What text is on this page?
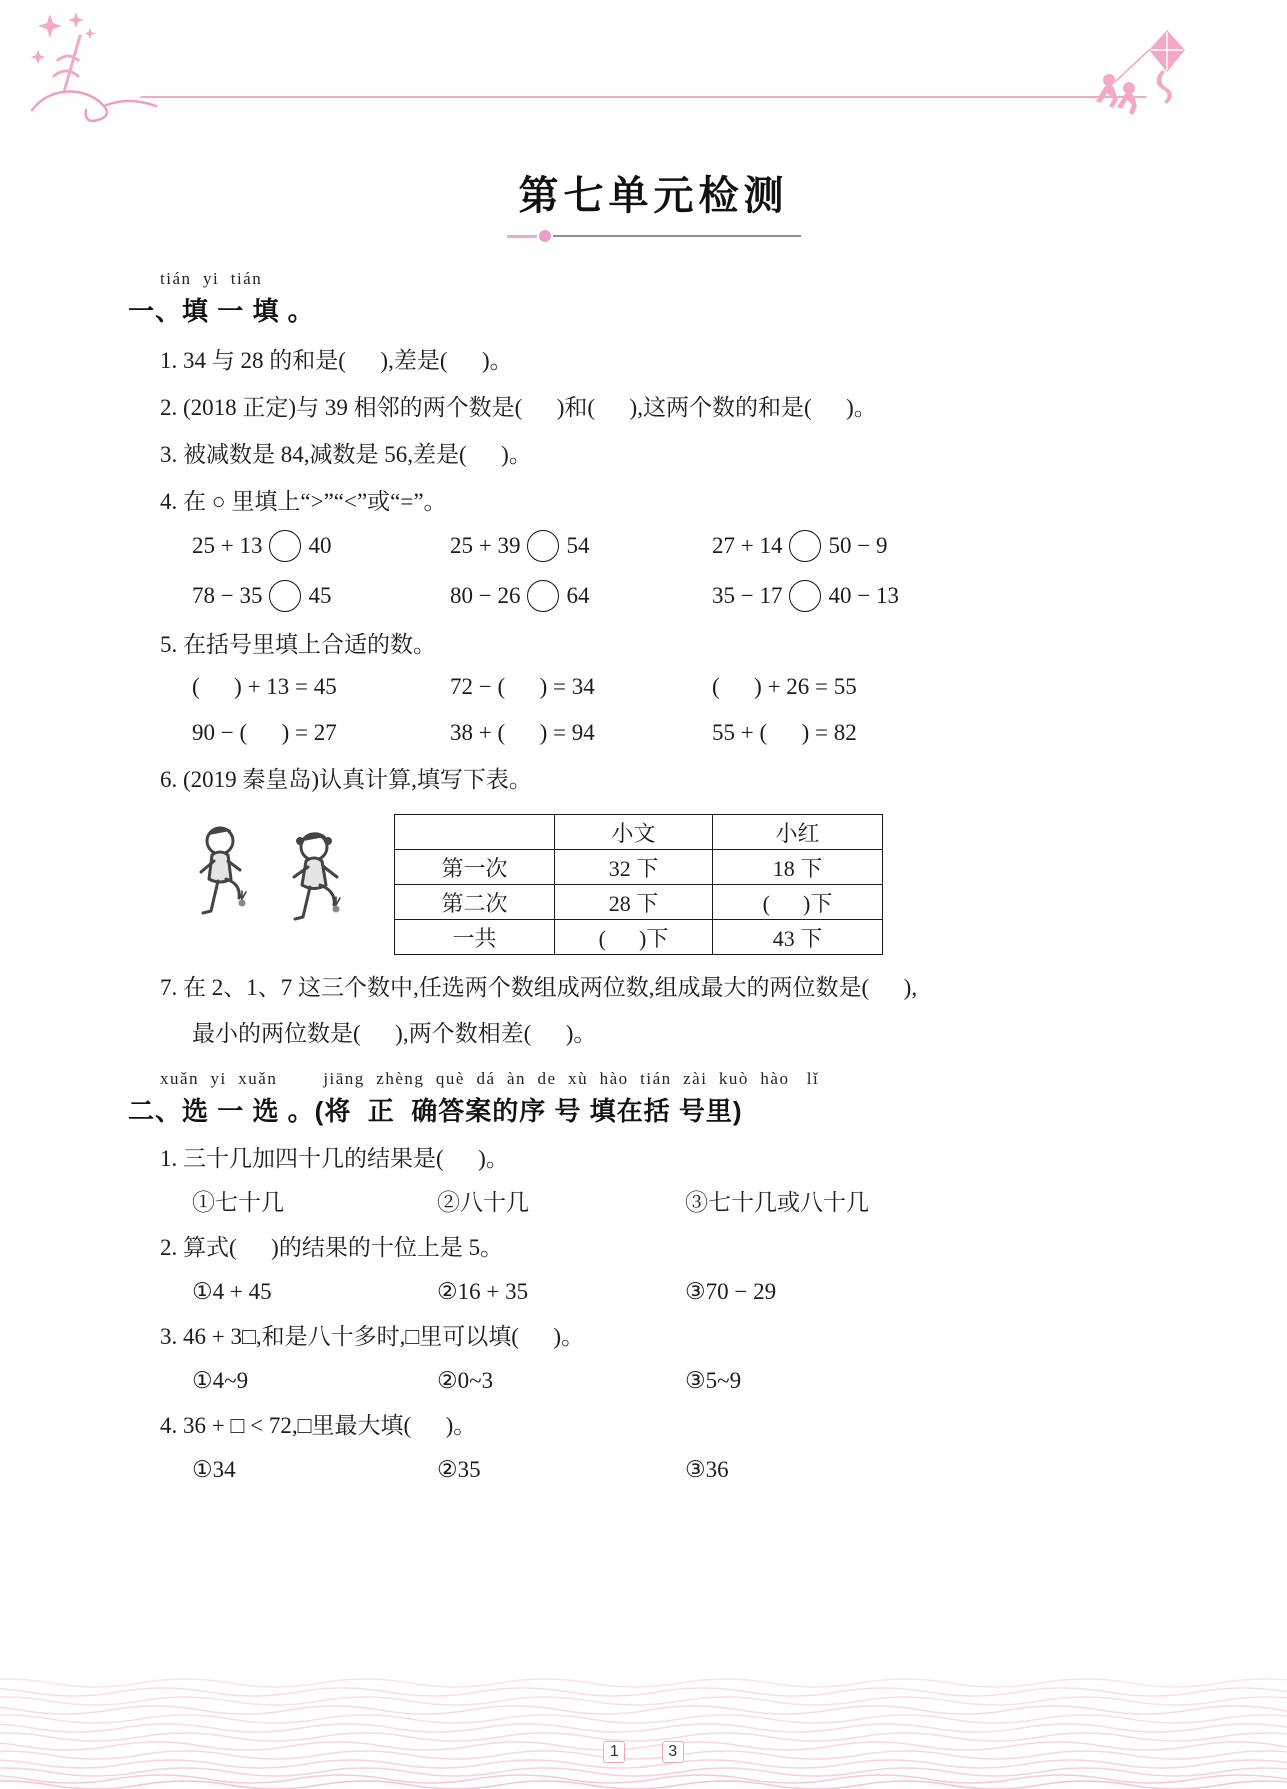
第七单元检测
tián  yi  tián
一、填 一 填 。
1. 34 与 28 的和是(      ),差是(      )。
2. (2018 正定)与 39 相邻的两个数是(      )和(      ),这两个数的和是(      )。
3. 被减数是 84,减数是 56,差是(      )。
4. 在 ○ 里填上“>”“<”或“=”。
25 + 13 40	25 + 39 54	27 + 14 50 − 9
78 − 35 45	80 − 26 64	35 − 17 40 − 13
5. 在括号里填上合适的数。
(      ) + 13 = 45	72 − (      ) = 34	(      ) + 26 = 55
90 − (      ) = 27	38 + (      ) = 94	55 + (      ) = 82
6. (2019 秦皇岛)认真计算,填写下表。
	小文	小红
第一次	32 下	18 下
第二次	28 下	(      )下
一共	(      )下	43 下
7. 在 2、1、7 这三个数中,任选两个数组成两位数,组成最大的两位数是(      ),
最小的两位数是(      ),两个数相差(      )。
xuǎn  yi  xuǎn        jiāng  zhèng  què  dá  àn  de  xù  hào  tián  zài  kuò  hào   lǐ
二、选 一 选 。(将  正  确答案的序 号 填在括 号里)
1. 三十几加四十几的结果是(      )。
①七十几	②八十几	③七十几或八十几
2. 算式(      )的结果的十位上是 5。
①4 + 45	②16 + 35	③70 − 29
3. 46 + 3□,和是八十多时,□里可以填(      )。
①4~9	②0~3	③5~9
4. 36 + □ < 72,□里最大填(      )。
①34	②35	③36
1	3
